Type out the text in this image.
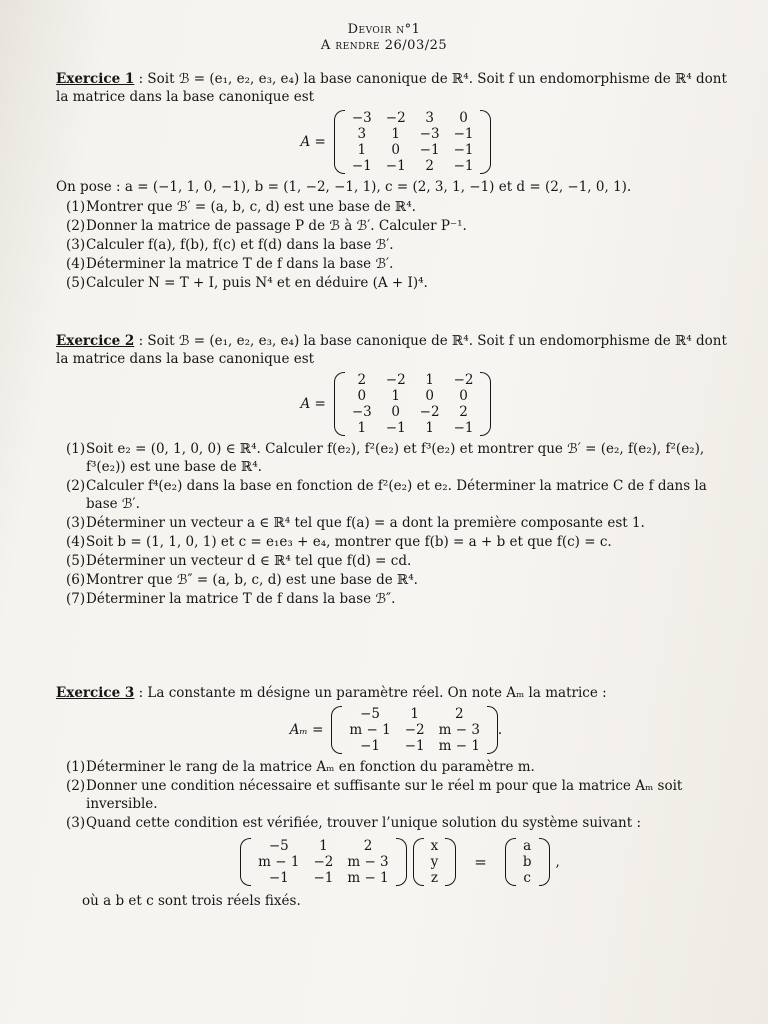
Devoir n°1
A rendre 26/03/25
Exercice 1 : Soit ℬ = (e₁, e₂, e₃, e₄) la base canonique de ℝ⁴. Soit f un endomorphisme de ℝ⁴ dont la matrice dans la base canonique est
A =
−3	−2	3	0
3	1	−3	−1
1	0	−1	−1
−1	−1	2	−1
On pose : a = (−1, 1, 0, −1), b = (1, −2, −1, 1), c = (2, 3, 1, −1) et d = (2, −1, 0, 1).
(1) Montrer que ℬ′ = (a, b, c, d) est une base de ℝ⁴.
(2) Donner la matrice de passage P de ℬ à ℬ′. Calculer P⁻¹.
(3) Calculer f(a), f(b), f(c) et f(d) dans la base ℬ′.
(4) Déterminer la matrice T de f dans la base ℬ′.
(5) Calculer N = T + I, puis N⁴ et en déduire (A + I)⁴.
Exercice 2 : Soit ℬ = (e₁, e₂, e₃, e₄) la base canonique de ℝ⁴. Soit f un endomorphisme de ℝ⁴ dont la matrice dans la base canonique est
A =
2	−2	1	−2
0	1	0	0
−3	0	−2	2
1	−1	1	−1
(1) Soit e₂ = (0, 1, 0, 0) ∈ ℝ⁴. Calculer f(e₂), f²(e₂) et f³(e₂) et montrer que ℬ′ = (e₂, f(e₂), f²(e₂), f³(e₂)) est une base de ℝ⁴.
(2) Calculer f⁴(e₂) dans la base en fonction de f²(e₂) et e₂. Déterminer la matrice C de f dans la base ℬ′.
(3) Déterminer un vecteur a ∈ ℝ⁴ tel que f(a) = a dont la première composante est 1.
(4) Soit b = (1, 1, 0, 1) et c = e₁e₃ + e₄, montrer que f(b) = a + b et que f(c) = c.
(5) Déterminer un vecteur d ∈ ℝ⁴ tel que f(d) = cd.
(6) Montrer que ℬ″ = (a, b, c, d) est une base de ℝ⁴.
(7) Déterminer la matrice T de f dans la base ℬ″.
Exercice 3 : La constante m désigne un paramètre réel. On note Aₘ la matrice :
Aₘ =
−5	1	2
m − 1	−2	m − 3
−1	−1	m − 1
.
(1) Déterminer le rang de la matrice Aₘ en fonction du paramètre m.
(2) Donner une condition nécessaire et suffisante sur le réel m pour que la matrice Aₘ soit inversible.
(3) Quand cette condition est vérifiée, trouver l’unique solution du système suivant :
−5	1	2
m − 1	−2	m − 3
−1	−1	m − 1
x
y
z
=
a
b
c
,
où a b et c sont trois réels fixés.
